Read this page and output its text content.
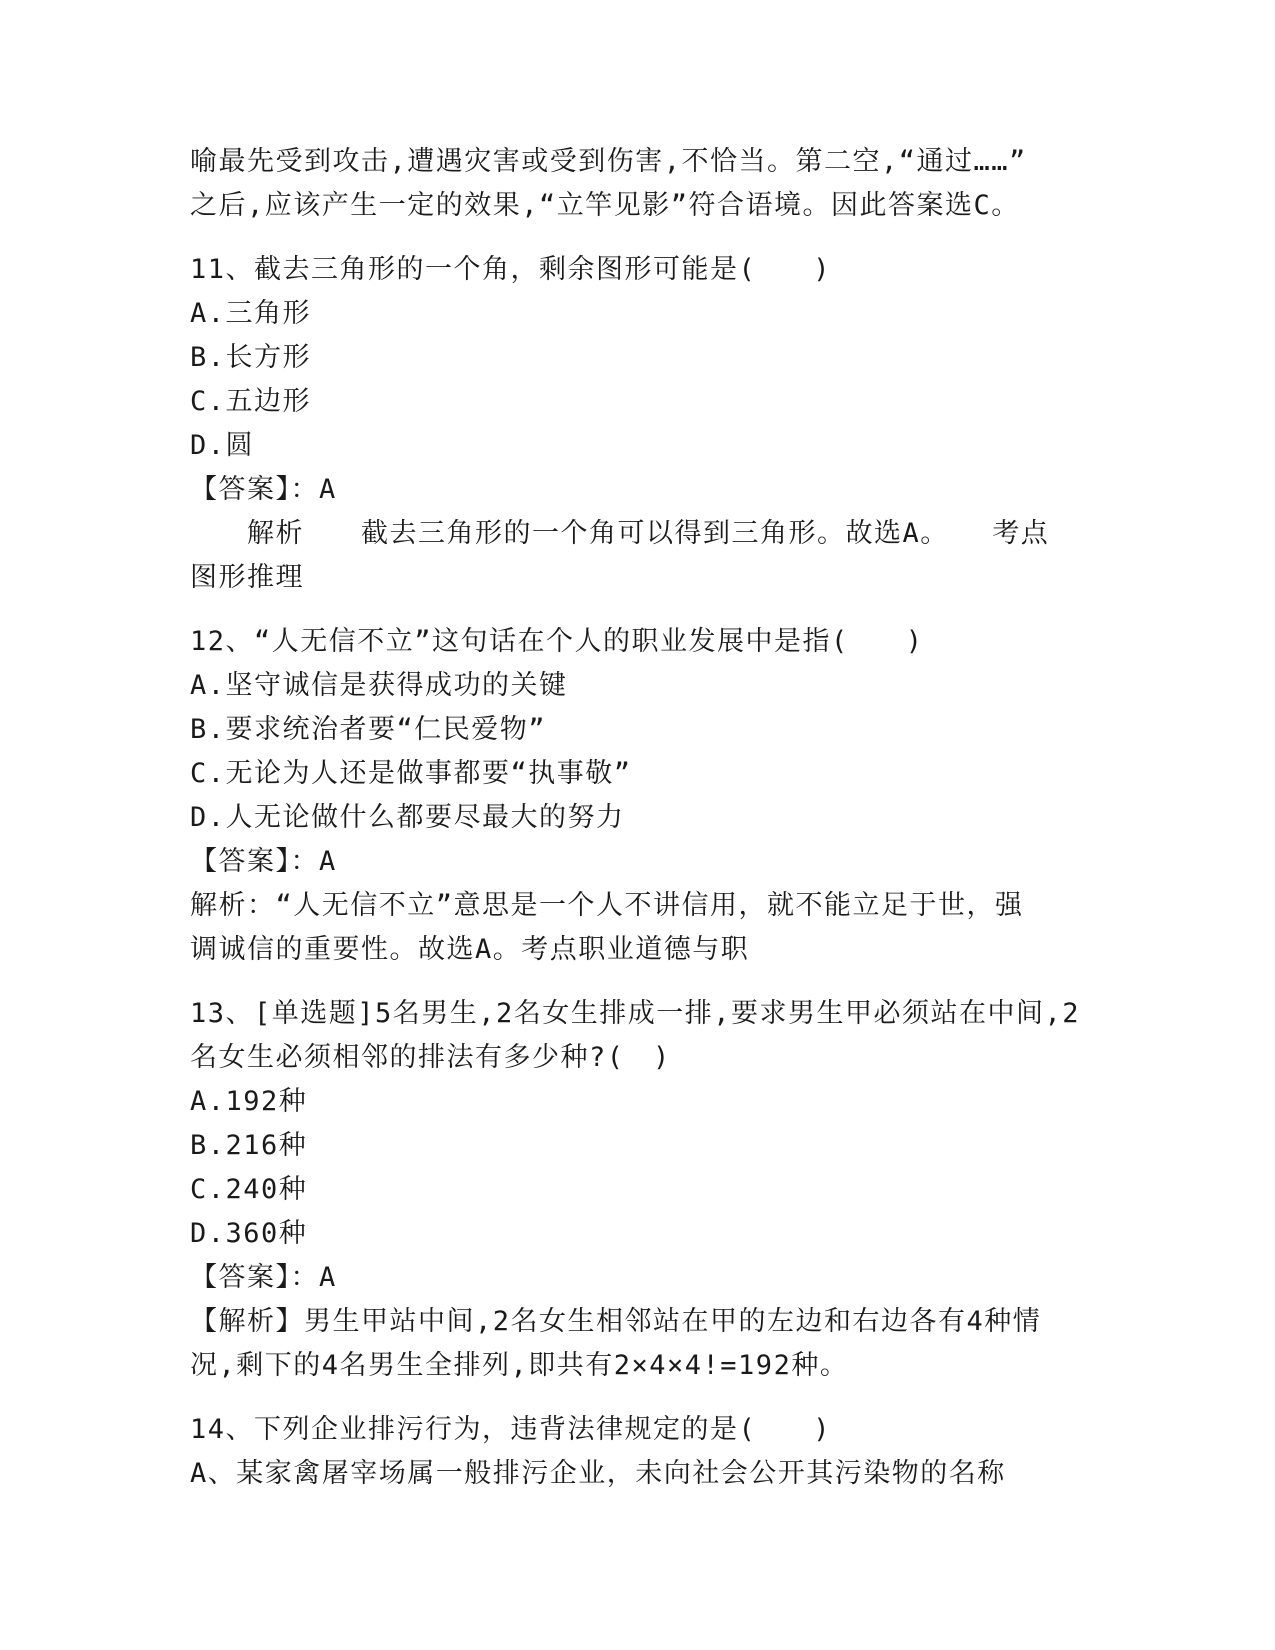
喻最先受到攻击,遭遇灾害或受到伤害,不恰当。第二空,“通过……”
之后,应该产生一定的效果,“立竿见影”符合语境。因此答案选C。
11、截去三角形的一个角，剩余图形可能是(　　)
A.三角形
B.长方形
C.五边形
D.圆
【答案】：A
　　解析　　截去三角形的一个角可以得到三角形。故选A。　　考点
图形推理
12、“人无信不立”这句话在个人的职业发展中是指(　　)
A.坚守诚信是获得成功的关键
B.要求统治者要“仁民爱物”
C.无论为人还是做事都要“执事敬”
D.人无论做什么都要尽最大的努力
【答案】：A
解析：“人无信不立”意思是一个人不讲信用，就不能立足于世，强
调诚信的重要性。故选A。考点职业道德与职
13、[单选题]5名男生,2名女生排成一排,要求男生甲必须站在中间,2
名女生必须相邻的排法有多少种?(　)
A.192种
B.216种
C.240种
D.360种
【答案】：A
【解析】男生甲站中间,2名女生相邻站在甲的左边和右边各有4种情
况,剩下的4名男生全排列,即共有2×4×4!=192种。
14、下列企业排污行为，违背法律规定的是(　　)
A、某家禽屠宰场属一般排污企业，未向社会公开其污染物的名称
